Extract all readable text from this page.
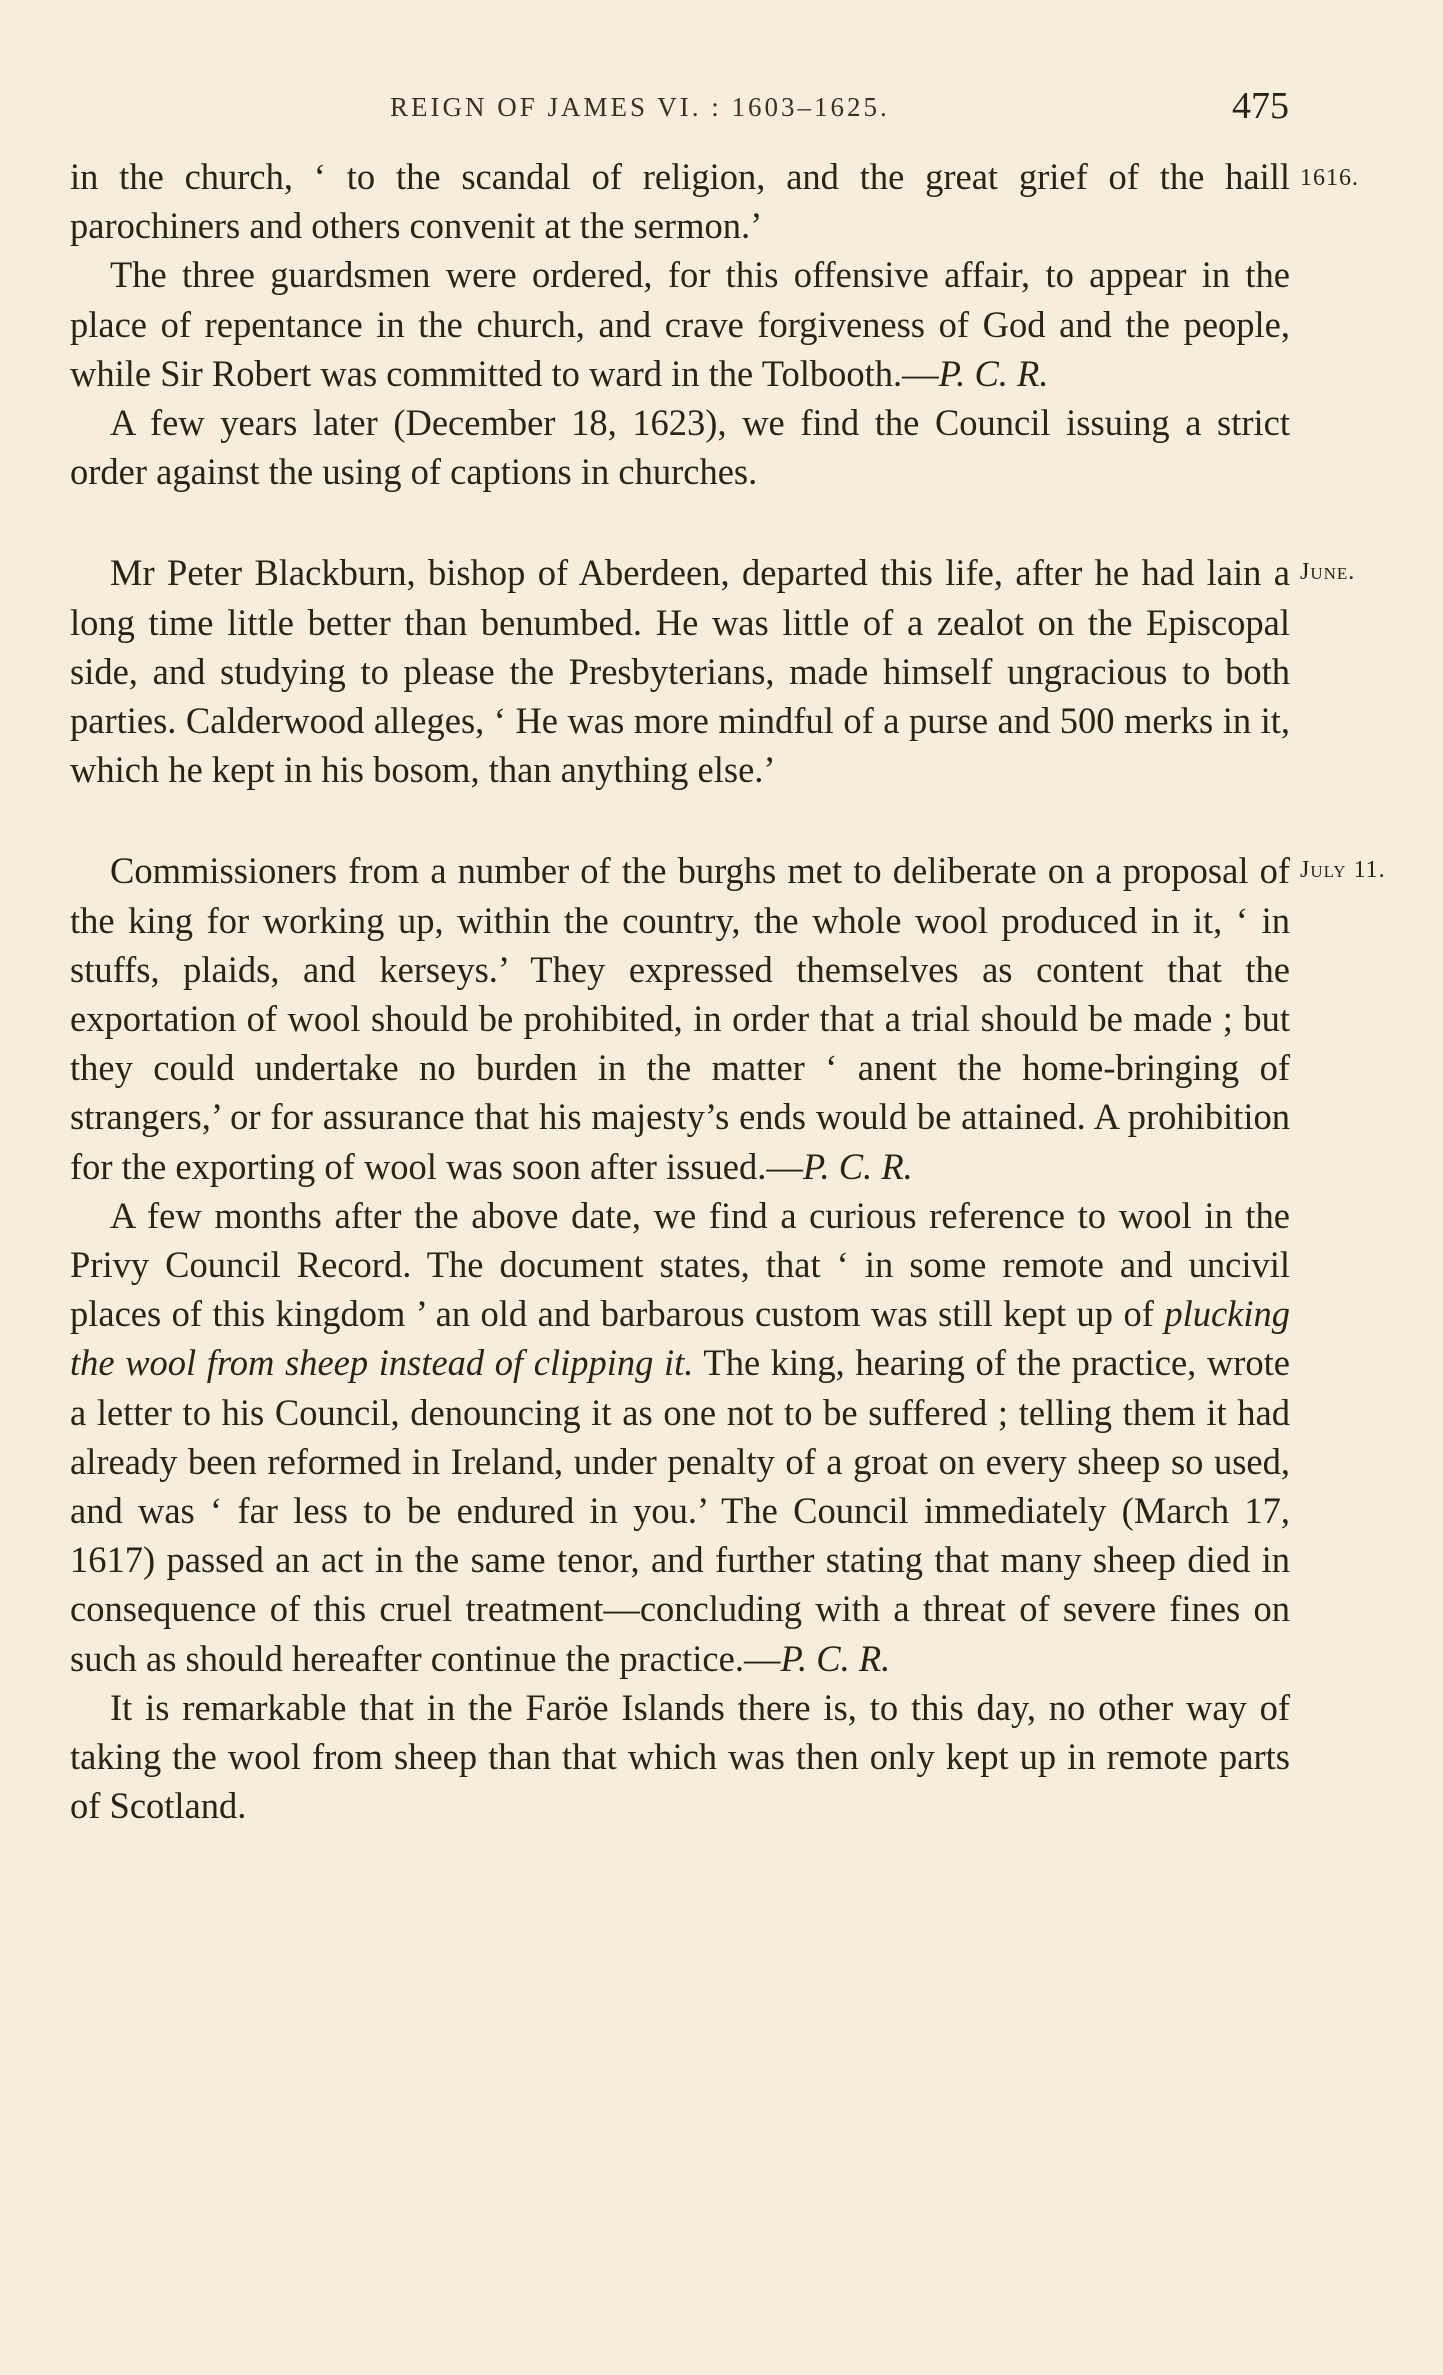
REIGN OF JAMES VI. : 1603–1625.	475

1616.
in the church, ‘ to the scandal of religion, and the great grief of the haill parochiners and others convenit at the sermon.’

The three guardsmen were ordered, for this offensive affair, to appear in the place of repentance in the church, and crave forgiveness of God and the people, while Sir Robert was committed to ward in the Tolbooth.—P. C. R.

A few years later (December 18, 1623), we find the Council issuing a strict order against the using of captions in churches.

June.
Mr Peter Blackburn, bishop of Aberdeen, departed this life, after he had lain a long time little better than benumbed. He was little of a zealot on the Episcopal side, and studying to please the Presbyterians, made himself ungracious to both parties. Calderwood alleges, ‘ He was more mindful of a purse and 500 merks in it, which he kept in his bosom, than anything else.’

July 11.
Commissioners from a number of the burghs met to deliberate on a proposal of the king for working up, within the country, the whole wool produced in it, ‘ in stuffs, plaids, and kerseys.’ They expressed themselves as content that the exportation of wool should be prohibited, in order that a trial should be made ; but they could undertake no burden in the matter ‘ anent the home-bringing of strangers,’ or for assurance that his majesty’s ends would be attained. A prohibition for the exporting of wool was soon after issued.—P. C. R.

A few months after the above date, we find a curious reference to wool in the Privy Council Record. The document states, that ‘ in some remote and uncivil places of this kingdom ’ an old and barbarous custom was still kept up of plucking the wool from sheep instead of clipping it. The king, hearing of the practice, wrote a letter to his Council, denouncing it as one not to be suffered ; telling them it had already been reformed in Ireland, under penalty of a groat on every sheep so used, and was ‘ far less to be endured in you.’ The Council immediately (March 17, 1617) passed an act in the same tenor, and further stating that many sheep died in consequence of this cruel treatment—concluding with a threat of severe fines on such as should hereafter continue the practice.—P. C. R.

It is remarkable that in the Faröe Islands there is, to this day, no other way of taking the wool from sheep than that which was then only kept up in remote parts of Scotland.
